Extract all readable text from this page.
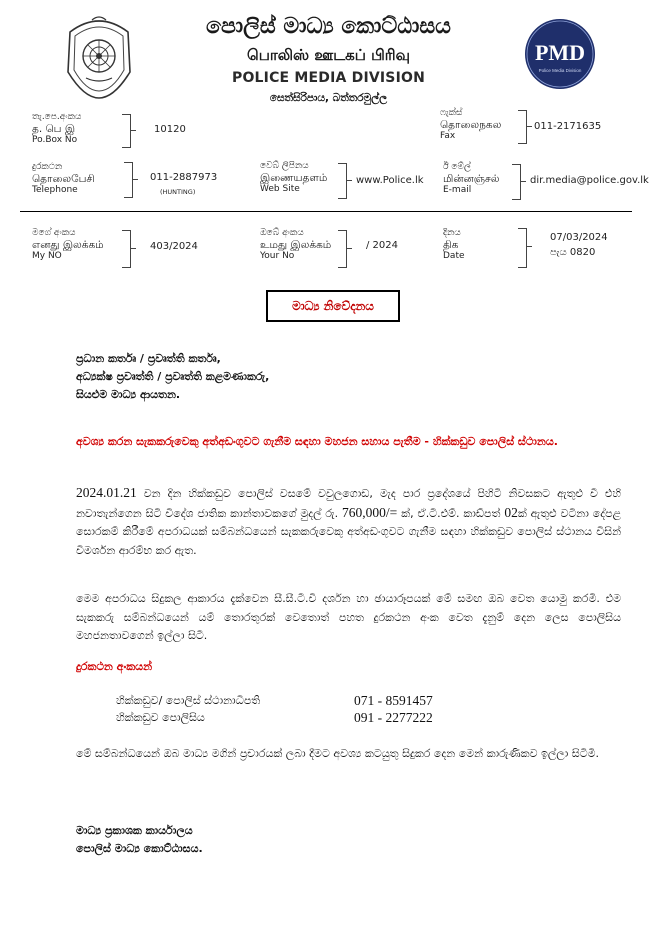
PMD
Police Media Division
පොලිස් මාධ්‍ය කොට්ඨාසය
பொலிஸ் ஊடகப் பிரிவு
POLICE MEDIA DIVISION
සෙත්සිරිපාය, බත්තරමුල්ල
තැ.පෙ.අංකය
த. பெ இ
Po.Box No
10120
ෆැක්ස්
தொலைநகல
Fax
011-2171635
දුරකථන
தொலைபேசி
Telephone
011-2887973
(HUNTING)
වෙබ් ලිපිනය
இணையதளம்
Web Site
www.Police.lk
ඊ මේල්
மின்னஞ்சல்
E-mail
dir.media@police.gov.lk
මගේ අංකය
எனது இலக்கம்
My NO
403/2024
ඔබේ අංකය
உமது இலக்கம்
Your No
/ 2024
දිනය
திக
Date
07/03/2024
පැය 0820
මාධ්‍ය නිවේදනය
ප්‍රධාන කර්තෘ / ප්‍රවෘත්ති කර්තෘ,
අධ්‍යක්ෂ ප්‍රවෘත්ති / ප්‍රවෘත්ති කළමණාකරු,
සියළුම මාධ්‍ය ආයතන.
අවශ්‍ය කරන සැකකරුවෙකු අත්අඩංගුවට ගැනීම සඳහා මහජන සහාය පැතීම - හික්කඩුව පොලිස් ස්ථානය.
2024.01.21 වන දින හික්කඩුව පොලිස් වසමේ වවුලගොඩ, මැද පාර ප්‍රදේශයේ පිහිටි නිවසකට ඇතුළු වී එහි නවාතැන්ගෙන සිටි විදේශ ජාතික කාන්තාවකගේ මුදල් රු. 760,000/= ක්, ඒ.ටී.එම්. කාඩ්පත් 02ක් ඇතුළු වටිනා දේපළ සොරකම් කිරීමේ අපරාධයක් සම්බන්ධයෙන් සැකකරුවෙකු අත්අඩංගුවට ගැනීම සඳහා හික්කඩුව පොලිස් ස්ථානය විසින් විමර්ශන ආරම්භ කර ඇත.
මෙම අපරාධය සිදුකල ආකාරය දැක්වෙන සී.සී.ටී.වී දර්ශන හා ඡායාරූපයක් මේ සමඟ ඔබ වෙත යොමු කරමි. එම සැකකරු සම්බන්ධයෙන් යම් තොරතුරක් වෙතොත් පහත දුරකථන අංක වෙත දැනුම් දෙන ලෙස පොලිසිය මහජනතාවගෙන් ඉල්ලා සිටී.
දුරකථන අංකයන්
හික්කඩුව/ පොලිස් ස්ථානාධිපති	071 - 8591457
හික්කඩුව පොලිසිය	091 - 2277222
මේ සම්බන්ධයෙන් ඔබ මාධ්‍ය මගින් ප්‍රචාරයක් ලබා දීමට අවශ්‍ය කටයුතු සිදුකර දෙන මෙන් කාරුණිකව ඉල්ලා සිටිමි.
මාධ්‍ය ප්‍රකාශක කාර්යාලය
පොලිස් මාධ්‍ය කොට්ඨාසය.
